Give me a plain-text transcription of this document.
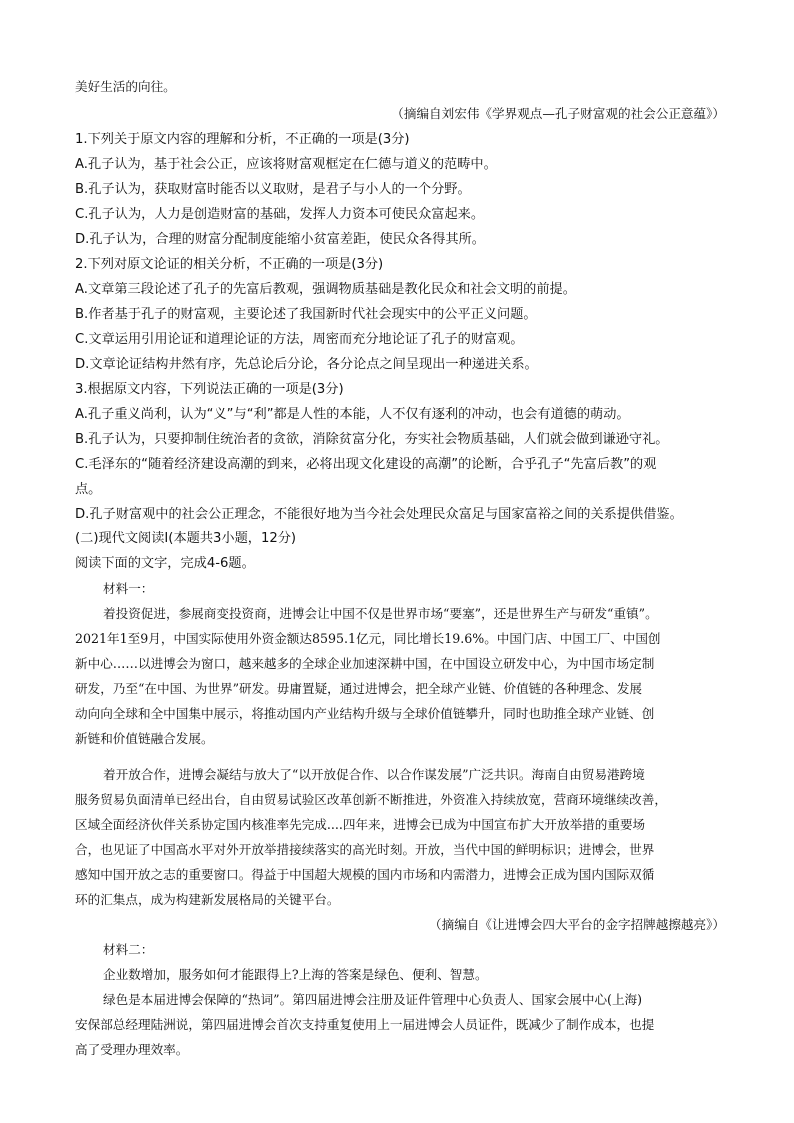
美好生活的向往。
（摘编自刘宏伟《学界观点—孔子财富观的社会公正意蕴》）
1.下列关于原文内容的理解和分析，不正确的一项是(3分)
A.孔子认为，基于社会公正，应该将财富观框定在仁德与道义的范畴中。
B.孔子认为，获取财富时能否以义取财，是君子与小人的一个分野。
C.孔子认为，人力是创造财富的基础，发挥人力资本可使民众富起来。
D.孔子认为，合理的财富分配制度能缩小贫富差距，使民众各得其所。
2.下列对原文论证的相关分析，不正确的一项是(3分)
A.文章第三段论述了孔子的先富后教观，强调物质基础是教化民众和社会文明的前提。
B.作者基于孔子的财富观，主要论述了我国新时代社会现实中的公平正义问题。
C.文章运用引用论证和道理论证的方法，周密而充分地论证了孔子的财富观。
D.文章论证结构井然有序，先总论后分论，各分论点之间呈现出一种递进关系。
3.根据原文内容，下列说法正确的一项是(3分)
A.孔子重义尚利，认为“义”与“利”都是人性的本能，人不仅有逐利的冲动，也会有道德的萌动。
B.孔子认为，只要抑制住统治者的贪欲，消除贫富分化，夯实社会物质基础，人们就会做到谦逊守礼。
C.毛泽东的“随着经济建设高潮的到来，必将出现文化建设的高潮”的论断，合乎孔子“先富后教”的观
点。
D.孔子财富观中的社会公正理念，不能很好地为当今社会处理民众富足与国家富裕之间的关系提供借鉴。
(二)现代文阅读Ⅰ(本题共3小题，12分)
阅读下面的文字，完成4-6题。
材料一：
着投资促进，参展商变投资商，进博会让中国不仅是世界市场“要塞”，还是世界生产与研发“重镇”。
2021年1至9月，中国实际使用外资金额达8595.1亿元，同比增长19.6%。中国门店、中国工厂、中国创
新中心……以进博会为窗口，越来越多的全球企业加速深耕中国，在中国设立研发中心，为中国市场定制
研发，乃至“在中国、为世界”研发。毋庸置疑，通过进博会，把全球产业链、价值链的各种理念、发展
动向向全球和全中国集中展示，将推动国内产业结构升级与全球价值链攀升，同时也助推全球产业链、创
新链和价值链融合发展。
着开放合作，进博会凝结与放大了“以开放促合作、以合作谋发展”广泛共识。海南自由贸易港跨境
服务贸易负面清单已经出台，自由贸易试验区改革创新不断推进，外资准入持续放宽，营商环境继续改善，
区域全面经济伙伴关系协定国内核准率先完成....四年来，进博会已成为中国宣布扩大开放举措的重要场
合，也见证了中国高水平对外开放举措接续落实的高光时刻。开放，当代中国的鲜明标识；进博会，世界
感知中国开放之志的重要窗口。得益于中国超大规模的国内市场和内需潜力，进博会正成为国内国际双循
环的汇集点，成为构建新发展格局的关键平台。
（摘编自《让进博会四大平台的金字招牌越擦越亮》）
材料二：
企业数增加，服务如何才能跟得上?上海的答案是绿色、便利、智慧。
绿色是本届进博会保障的“热词”。第四届进博会注册及证件管理中心负责人、国家会展中心(上海)
安保部总经理陆洲说，第四届进博会首次支持重复使用上一届进博会人员证件，既减少了制作成本，也提
高了受理办理效率。
